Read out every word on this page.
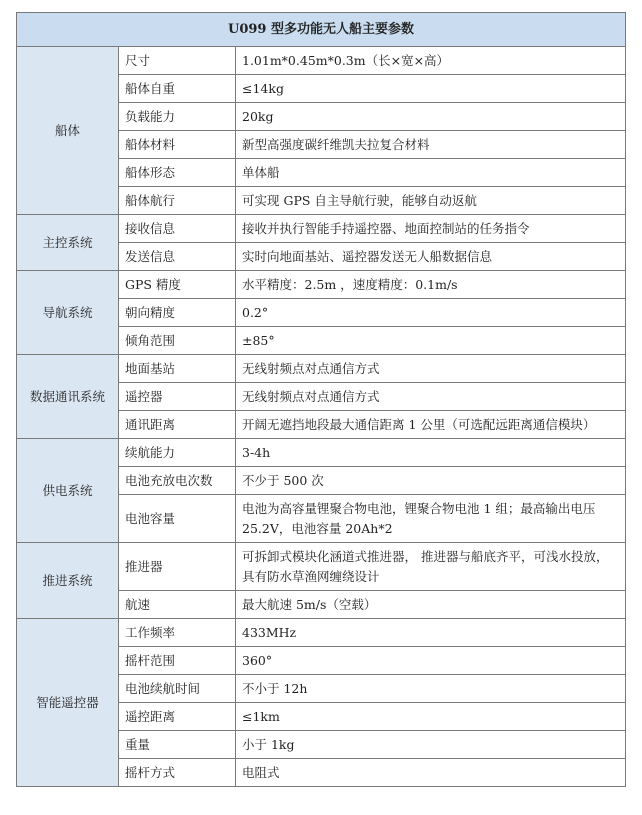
U099 型多功能无人船主要参数		
船体	尺寸	1.01m*0.45m*0.3m（长×宽×高）
	船体自重	≤14kg
	负载能力	20kg
	船体材料	新型高强度碳纤维凯夫拉复合材料
	船体形态	单体船
	船体航行	可实现 GPS 自主导航行驶，能够自动返航
主控系统	接收信息	接收并执行智能手持遥控器、地面控制站的任务指令
	发送信息	实时向地面基站、遥控器发送无人船数据信息
导航系统	GPS 精度	水平精度：2.5m ，速度精度：0.1m/s
	朝向精度	0.2°
	倾角范围	±85°
数据通讯系统	地面基站	无线射频点对点通信方式
	遥控器	无线射频点对点通信方式
	通讯距离	开阔无遮挡地段最大通信距离 1 公里（可选配远距离通信模块）
供电系统	续航能力	3-4h
	电池充放电次数	不少于 500 次
	电池容量	电池为高容量锂聚合物电池，锂聚合物电池 1 组；最高输出电压 25.2V，电池容量 20Ah*2
推进系统	推进器	可拆卸式模块化涵道式推进器， 推进器与船底齐平，可浅水投放，具有防水草渔网缠绕设计
	航速	最大航速 5m/s（空载）
智能遥控器	工作频率	433MHz
	摇杆范围	360°
	电池续航时间	不小于 12h
	遥控距离	≤1km
	重量	小于 1kg
	摇杆方式	电阻式
